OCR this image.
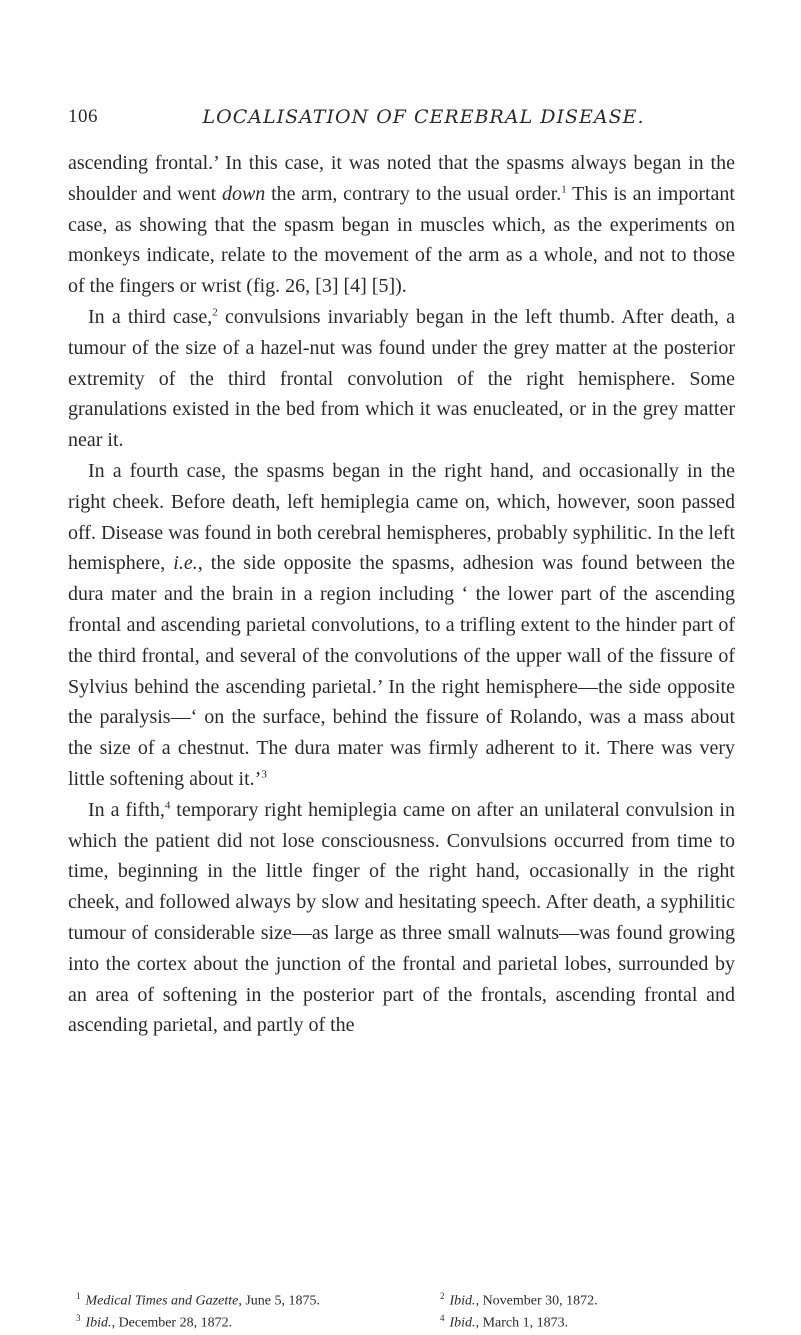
106	LOCALISATION OF CEREBRAL DISEASE.

ascending frontal.’ In this case, it was noted that the spasms always began in the shoulder and went down the arm, contrary to the usual order.$^1$ This is an important case, as showing that the spasm began in muscles which, as the experiments on monkeys indicate, relate to the movement of the arm as a whole, and not to those of the fingers or wrist (fig. 26, [3] [4] [5]).

 In a third case,$^2$ convulsions invariably began in the left thumb. After death, a tumour of the size of a hazel-nut was found under the grey matter at the posterior extremity of the third frontal convolution of the right hemisphere. Some granulations existed in the bed from which it was enucleated, or in the grey matter near it.

 In a fourth case, the spasms began in the right hand, and occasionally in the right cheek. Before death, left hemiplegia came on, which, however, soon passed off. Disease was found in both cerebral hemispheres, probably syphilitic. In the left hemisphere, i.e., the side opposite the spasms, adhesion was found between the dura mater and the brain in a region including ‘ the lower part of the ascending frontal and ascending parietal convolutions, to a trifling extent to the hinder part of the third frontal, and several of the convolutions of the upper wall of the fissure of Sylvius behind the ascending parietal.’ In the right hemisphere—the side opposite the paralysis—‘ on the surface, behind the fissure of Rolando, was a mass about the size of a chestnut. The dura mater was firmly adherent to it. There was very little softening about it.’$^3$

 In a fifth,$^4$ temporary right hemiplegia came on after an unilateral convulsion in which the patient did not lose consciousness. Convulsions occurred from time to time, beginning in the little finger of the right hand, occasionally in the right cheek, and followed always by slow and hesitating speech. After death, a syphilitic tumour of considerable size—as large as three small walnuts—was found growing into the cortex about the junction of the frontal and parietal lobes, surrounded by an area of softening in the posterior part of the frontals, ascending frontal and ascending parietal, and partly of the

$^1$ Medical Times and Gazette, June 5, 1875.	$^2$ Ibid., November 30, 1872.
$^3$ Ibid., December 28, 1872.	$^4$ Ibid., March 1, 1873.
